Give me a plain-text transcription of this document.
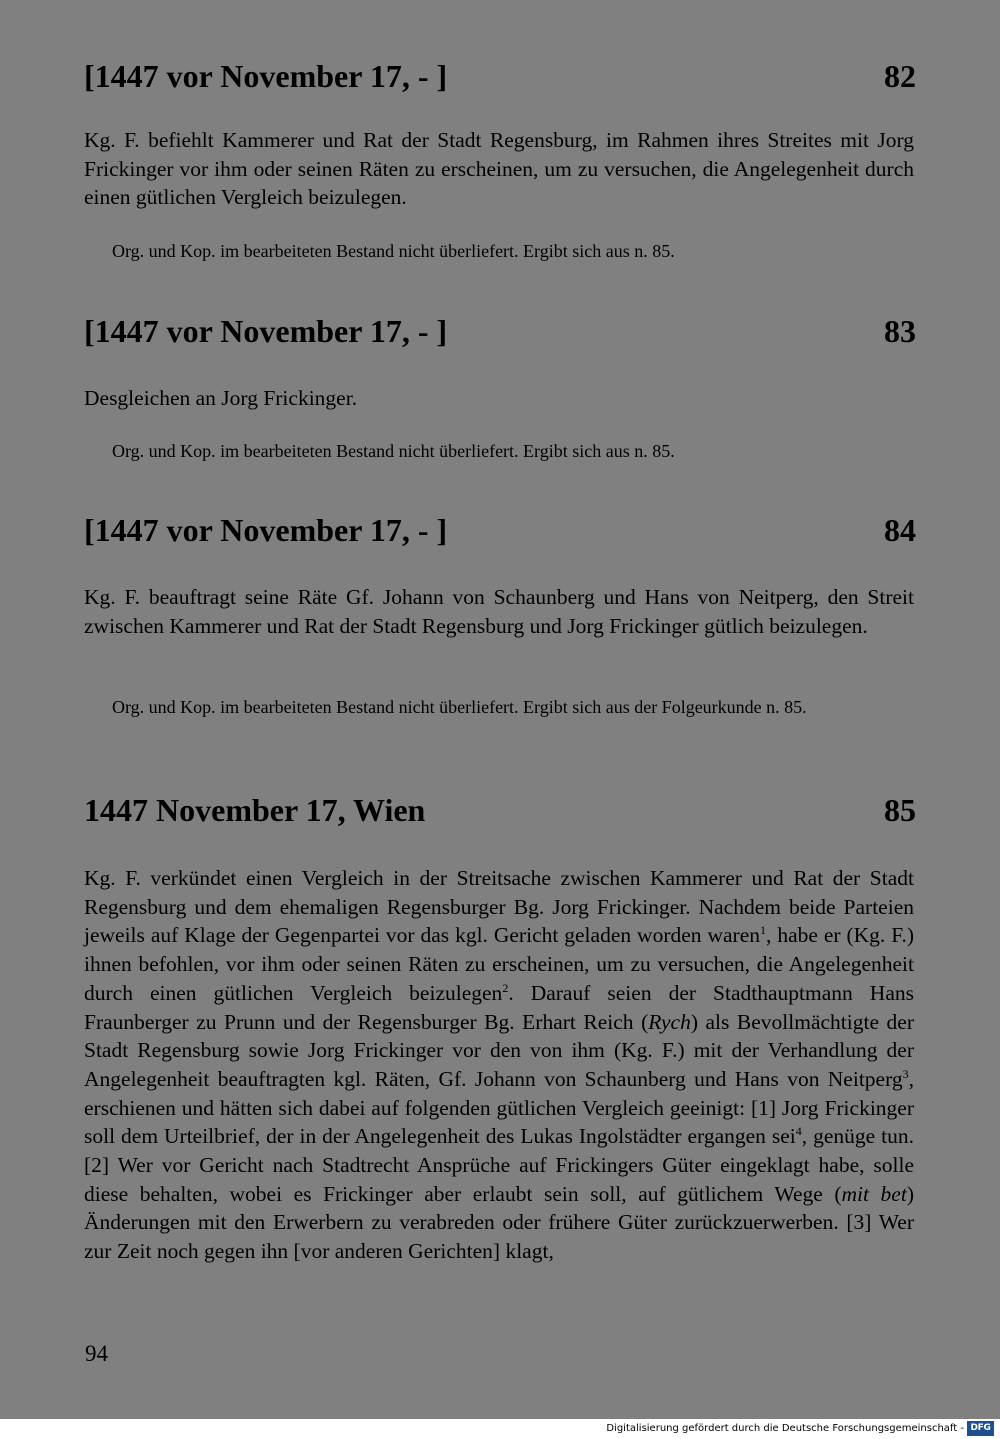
[1447 vor November 17, - ]	82
Kg. F. befiehlt Kammerer und Rat der Stadt Regensburg, im Rahmen ihres Streites mit Jorg Frickinger vor ihm oder seinen Räten zu erscheinen, um zu versuchen, die Angelegenheit durch einen gütlichen Vergleich beizulegen.
Org. und Kop. im bearbeiteten Bestand nicht überliefert. Ergibt sich aus n. 85.
[1447 vor November 17, - ]	83
Desgleichen an Jorg Frickinger.
Org. und Kop. im bearbeiteten Bestand nicht überliefert. Ergibt sich aus n. 85.
[1447 vor November 17, - ]	84
Kg. F. beauftragt seine Räte Gf. Johann von Schaunberg und Hans von Neitperg, den Streit zwischen Kammerer und Rat der Stadt Regensburg und Jorg Frickinger gütlich beizulegen.
Org. und Kop. im bearbeiteten Bestand nicht überliefert. Ergibt sich aus der Folgeurkunde n. 85.
1447 November 17, Wien	85
Kg. F. verkündet einen Vergleich in der Streitsache zwischen Kammerer und Rat der Stadt Regensburg und dem ehemaligen Regensburger Bg. Jorg Frickinger. Nachdem beide Parteien jeweils auf Klage der Gegenpartei vor das kgl. Gericht geladen worden waren$^1$, habe er (Kg. F.) ihnen befohlen, vor ihm oder seinen Räten zu erscheinen, um zu versuchen, die Angelegenheit durch einen gütlichen Vergleich beizulegen$^2$. Darauf seien der Stadthauptmann Hans Fraunberger zu Prunn und der Regensburger Bg. Erhart Reich (Rych) als Bevollmächtigte der Stadt Regensburg sowie Jorg Frickinger vor den von ihm (Kg. F.) mit der Verhandlung der Angelegenheit beauftragten kgl. Räten, Gf. Johann von Schaunberg und Hans von Neitperg$^3$, erschienen und hätten sich dabei auf folgenden gütlichen Vergleich geeinigt: [1] Jorg Frickinger soll dem Urteilbrief, der in der Angelegenheit des Lukas Ingolstädter ergangen sei$^4$, genüge tun. [2] Wer vor Gericht nach Stadtrecht Ansprüche auf Frickingers Güter eingeklagt habe, solle diese behalten, wobei es Frickinger aber erlaubt sein soll, auf gütlichem Wege (mit bet) Änderungen mit den Erwerbern zu verabreden oder frühere Güter zurückzuerwerben. [3] Wer zur Zeit noch gegen ihn [vor anderen Gerichten] klagt,
94
Digitalisierung gefördert durch die Deutsche Forschungsgemeinschaft - DFG
